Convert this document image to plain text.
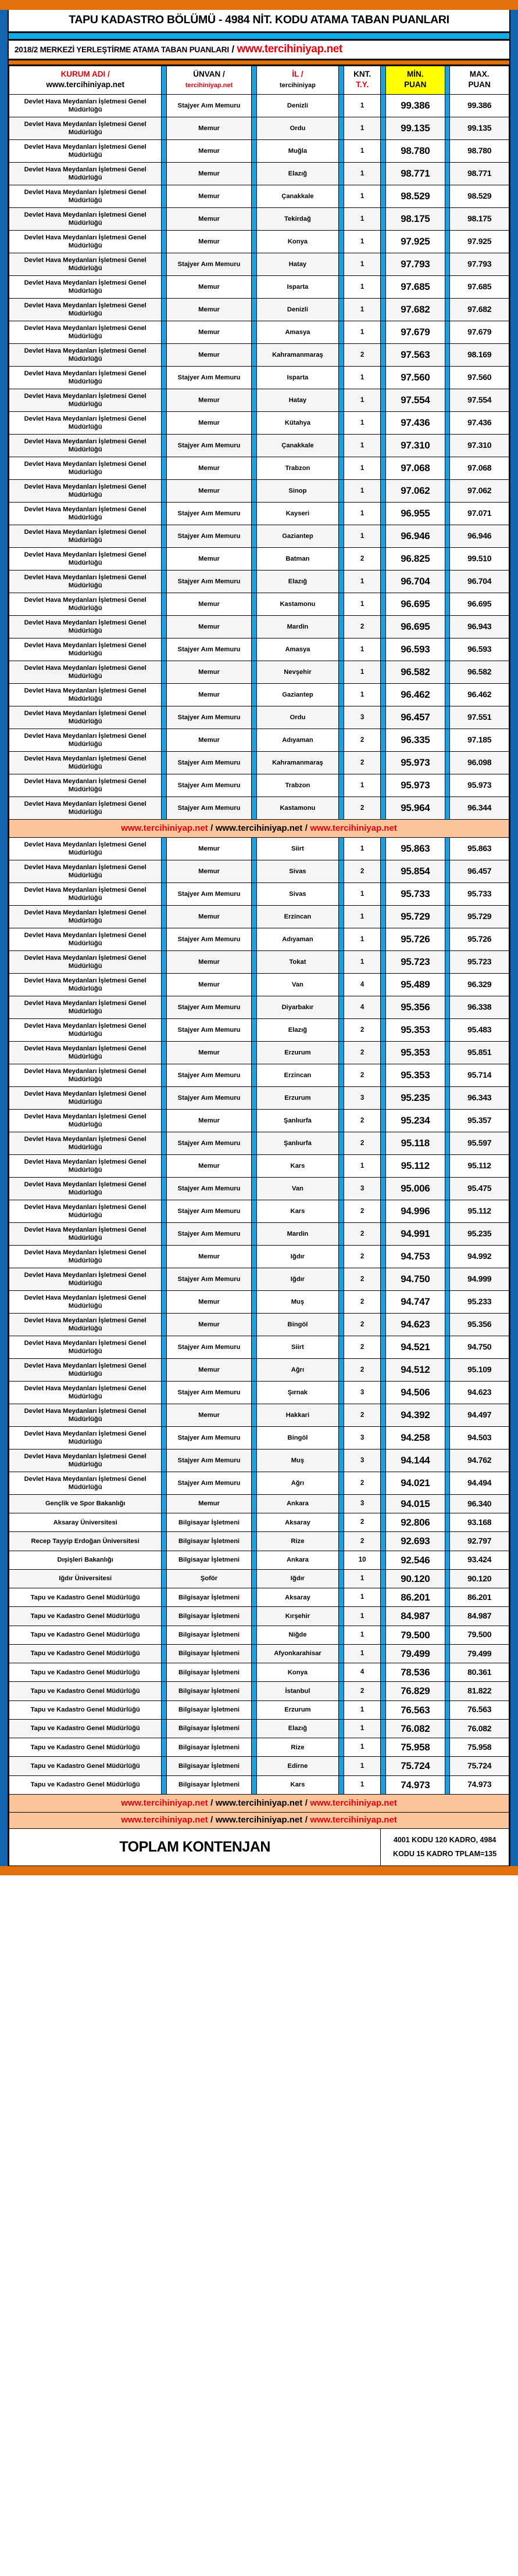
TAPU KADASTRO BÖLÜMÜ - 4984 NİT. KODU ATAMA TABAN PUANLARI
2018/2 MERKEZİ YERLEŞTİRME ATAMA TABAN PUANLARI / www.tercihiniyap.net
KURUM ADI /
www.tercihiniyap.net

ÜNVAN /
tercihiniyap.net

İL /
tercihiniyap

KNT.
T.Y.

MİN.
PUAN

MAX.
PUAN

Devlet Hava Meydanları İşletmesi Genel Müdürlüğü		Stajyer Aım Memuru		Denizli		1		99.386		99.386
Devlet Hava Meydanları İşletmesi Genel Müdürlüğü		Memur		Ordu		1		99.135		99.135
Devlet Hava Meydanları İşletmesi Genel Müdürlüğü		Memur		Muğla		1		98.780		98.780
Devlet Hava Meydanları İşletmesi Genel Müdürlüğü		Memur		Elazığ		1		98.771		98.771
Devlet Hava Meydanları İşletmesi Genel Müdürlüğü		Memur		Çanakkale		1		98.529		98.529
Devlet Hava Meydanları İşletmesi Genel Müdürlüğü		Memur		Tekirdağ		1		98.175		98.175
Devlet Hava Meydanları İşletmesi Genel Müdürlüğü		Memur		Konya		1		97.925		97.925
Devlet Hava Meydanları İşletmesi Genel Müdürlüğü		Stajyer Aım Memuru		Hatay		1		97.793		97.793
Devlet Hava Meydanları İşletmesi Genel Müdürlüğü		Memur		Isparta		1		97.685		97.685
Devlet Hava Meydanları İşletmesi Genel Müdürlüğü		Memur		Denizli		1		97.682		97.682
Devlet Hava Meydanları İşletmesi Genel Müdürlüğü		Memur		Amasya		1		97.679		97.679
Devlet Hava Meydanları İşletmesi Genel Müdürlüğü		Memur		Kahramanmaraş		2		97.563		98.169
Devlet Hava Meydanları İşletmesi Genel Müdürlüğü		Stajyer Aım Memuru		Isparta		1		97.560		97.560
Devlet Hava Meydanları İşletmesi Genel Müdürlüğü		Memur		Hatay		1		97.554		97.554
Devlet Hava Meydanları İşletmesi Genel Müdürlüğü		Memur		Kütahya		1		97.436		97.436
Devlet Hava Meydanları İşletmesi Genel Müdürlüğü		Stajyer Aım Memuru		Çanakkale		1		97.310		97.310
Devlet Hava Meydanları İşletmesi Genel Müdürlüğü		Memur		Trabzon		1		97.068		97.068
Devlet Hava Meydanları İşletmesi Genel Müdürlüğü		Memur		Sinop		1		97.062		97.062
Devlet Hava Meydanları İşletmesi Genel Müdürlüğü		Stajyer Aım Memuru		Kayseri		1		96.955		97.071
Devlet Hava Meydanları İşletmesi Genel Müdürlüğü		Stajyer Aım Memuru		Gaziantep		1		96.946		96.946
Devlet Hava Meydanları İşletmesi Genel Müdürlüğü		Memur		Batman		2		96.825		99.510
Devlet Hava Meydanları İşletmesi Genel Müdürlüğü		Stajyer Aım Memuru		Elazığ		1		96.704		96.704
Devlet Hava Meydanları İşletmesi Genel Müdürlüğü		Memur		Kastamonu		1		96.695		96.695
Devlet Hava Meydanları İşletmesi Genel Müdürlüğü		Memur		Mardin		2		96.695		96.943
Devlet Hava Meydanları İşletmesi Genel Müdürlüğü		Stajyer Aım Memuru		Amasya		1		96.593		96.593
Devlet Hava Meydanları İşletmesi Genel Müdürlüğü		Memur		Nevşehir		1		96.582		96.582
Devlet Hava Meydanları İşletmesi Genel Müdürlüğü		Memur		Gaziantep		1		96.462		96.462
Devlet Hava Meydanları İşletmesi Genel Müdürlüğü		Stajyer Aım Memuru		Ordu		3		96.457		97.551
Devlet Hava Meydanları İşletmesi Genel Müdürlüğü		Memur		Adıyaman		2		96.335		97.185
Devlet Hava Meydanları İşletmesi Genel Müdürlüğü		Stajyer Aım Memuru		Kahramanmaraş		2		95.973		96.098
Devlet Hava Meydanları İşletmesi Genel Müdürlüğü		Stajyer Aım Memuru		Trabzon		1		95.973		95.973
Devlet Hava Meydanları İşletmesi Genel Müdürlüğü		Stajyer Aım Memuru		Kastamonu		2		95.964		96.344
www.tercihiniyap.net / www.tercihiniyap.net / www.tercihiniyap.net										
Devlet Hava Meydanları İşletmesi Genel Müdürlüğü		Memur		Siirt		1		95.863		95.863
Devlet Hava Meydanları İşletmesi Genel Müdürlüğü		Memur		Sivas		2		95.854		96.457
Devlet Hava Meydanları İşletmesi Genel Müdürlüğü		Stajyer Aım Memuru		Sivas		1		95.733		95.733
Devlet Hava Meydanları İşletmesi Genel Müdürlüğü		Memur		Erzincan		1		95.729		95.729
Devlet Hava Meydanları İşletmesi Genel Müdürlüğü		Stajyer Aım Memuru		Adıyaman		1		95.726		95.726
Devlet Hava Meydanları İşletmesi Genel Müdürlüğü		Memur		Tokat		1		95.723		95.723
Devlet Hava Meydanları İşletmesi Genel Müdürlüğü		Memur		Van		4		95.489		96.329
Devlet Hava Meydanları İşletmesi Genel Müdürlüğü		Stajyer Aım Memuru		Diyarbakır		4		95.356		96.338
Devlet Hava Meydanları İşletmesi Genel Müdürlüğü		Stajyer Aım Memuru		Elazığ		2		95.353		95.483
Devlet Hava Meydanları İşletmesi Genel Müdürlüğü		Memur		Erzurum		2		95.353		95.851
Devlet Hava Meydanları İşletmesi Genel Müdürlüğü		Stajyer Aım Memuru		Erzincan		2		95.353		95.714
Devlet Hava Meydanları İşletmesi Genel Müdürlüğü		Stajyer Aım Memuru		Erzurum		3		95.235		96.343
Devlet Hava Meydanları İşletmesi Genel Müdürlüğü		Memur		Şanlıurfa		2		95.234		95.357
Devlet Hava Meydanları İşletmesi Genel Müdürlüğü		Stajyer Aım Memuru		Şanlıurfa		2		95.118		95.597
Devlet Hava Meydanları İşletmesi Genel Müdürlüğü		Memur		Kars		1		95.112		95.112
Devlet Hava Meydanları İşletmesi Genel Müdürlüğü		Stajyer Aım Memuru		Van		3		95.006		95.475
Devlet Hava Meydanları İşletmesi Genel Müdürlüğü		Stajyer Aım Memuru		Kars		2		94.996		95.112
Devlet Hava Meydanları İşletmesi Genel Müdürlüğü		Stajyer Aım Memuru		Mardin		2		94.991		95.235
Devlet Hava Meydanları İşletmesi Genel Müdürlüğü		Memur		Iğdır		2		94.753		94.992
Devlet Hava Meydanları İşletmesi Genel Müdürlüğü		Stajyer Aım Memuru		Iğdır		2		94.750		94.999
Devlet Hava Meydanları İşletmesi Genel Müdürlüğü		Memur		Muş		2		94.747		95.233
Devlet Hava Meydanları İşletmesi Genel Müdürlüğü		Memur		Bingöl		2		94.623		95.356
Devlet Hava Meydanları İşletmesi Genel Müdürlüğü		Stajyer Aım Memuru		Siirt		2		94.521		94.750
Devlet Hava Meydanları İşletmesi Genel Müdürlüğü		Memur		Ağrı		2		94.512		95.109
Devlet Hava Meydanları İşletmesi Genel Müdürlüğü		Stajyer Aım Memuru		Şırnak		3		94.506		94.623
Devlet Hava Meydanları İşletmesi Genel Müdürlüğü		Memur		Hakkari		2		94.392		94.497
Devlet Hava Meydanları İşletmesi Genel Müdürlüğü		Stajyer Aım Memuru		Bingöl		3		94.258		94.503
Devlet Hava Meydanları İşletmesi Genel Müdürlüğü		Stajyer Aım Memuru		Muş		3		94.144		94.762
Devlet Hava Meydanları İşletmesi Genel Müdürlüğü		Stajyer Aım Memuru		Ağrı		2		94.021		94.494
Gençlik ve Spor Bakanlığı		Memur		Ankara		3		94.015		96.340
Aksaray Üniversitesi		Bilgisayar İşletmeni		Aksaray		2		92.806		93.168
Recep Tayyip Erdoğan Üniversitesi		Bilgisayar İşletmeni		Rize		2		92.693		92.797
Dışişleri Bakanlığı		Bilgisayar İşletmeni		Ankara		10		92.546		93.424
Iğdır Üniversitesi		Şoför		Iğdır		1		90.120		90.120
Tapu ve Kadastro Genel Müdürlüğü		Bilgisayar İşletmeni		Aksaray		1		86.201		86.201
Tapu ve Kadastro Genel Müdürlüğü		Bilgisayar İşletmeni		Kırşehir		1		84.987		84.987
Tapu ve Kadastro Genel Müdürlüğü		Bilgisayar İşletmeni		Niğde		1		79.500		79.500
Tapu ve Kadastro Genel Müdürlüğü		Bilgisayar İşletmeni		Afyonkarahisar		1		79.499		79.499
Tapu ve Kadastro Genel Müdürlüğü		Bilgisayar İşletmeni		Konya		4		78.536		80.361
Tapu ve Kadastro Genel Müdürlüğü		Bilgisayar İşletmeni		İstanbul		2		76.829		81.822
Tapu ve Kadastro Genel Müdürlüğü		Bilgisayar İşletmeni		Erzurum		1		76.563		76.563
Tapu ve Kadastro Genel Müdürlüğü		Bilgisayar İşletmeni		Elazığ		1		76.082		76.082
Tapu ve Kadastro Genel Müdürlüğü		Bilgisayar İşletmeni		Rize		1		75.958		75.958
Tapu ve Kadastro Genel Müdürlüğü		Bilgisayar İşletmeni		Edirne		1		75.724		75.724
Tapu ve Kadastro Genel Müdürlüğü		Bilgisayar İşletmeni		Kars		1		74.973		74.973
www.tercihiniyap.net / www.tercihiniyap.net / www.tercihiniyap.net										
www.tercihiniyap.net / www.tercihiniyap.net / www.tercihiniyap.net										
TOPLAM KONTENJAN							4001 KODU 120 KADRO, 4984
KODU 15 KADRO TPLAM=135			
